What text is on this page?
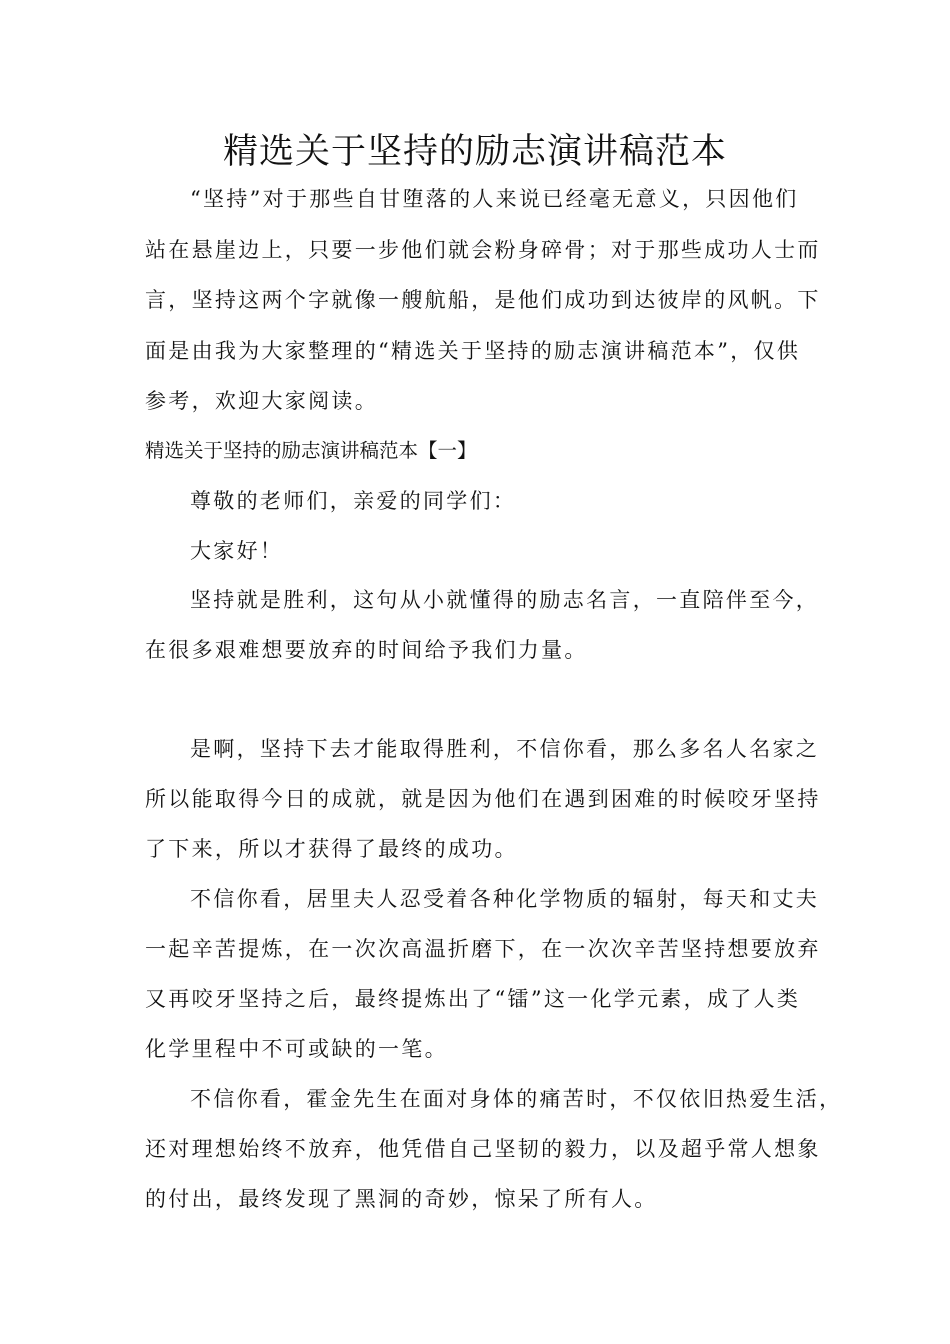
精选关于坚持的励志演讲稿范本
“坚持”对于那些自甘堕落的人来说已经毫无意义，只因他们
站在悬崖边上，只要一步他们就会粉身碎骨；对于那些成功人士而
言，坚持这两个字就像一艘航船，是他们成功到达彼岸的风帆。下
面是由我为大家整理的“精选关于坚持的励志演讲稿范本”，仅供
参考，欢迎大家阅读。
精选关于坚持的励志演讲稿范本【一】
尊敬的老师们，亲爱的同学们：
大家好！
坚持就是胜利，这句从小就懂得的励志名言，一直陪伴至今，
在很多艰难想要放弃的时间给予我们力量。
是啊，坚持下去才能取得胜利，不信你看，那么多名人名家之
所以能取得今日的成就，就是因为他们在遇到困难的时候咬牙坚持
了下来，所以才获得了最终的成功。
不信你看，居里夫人忍受着各种化学物质的辐射，每天和丈夫
一起辛苦提炼，在一次次高温折磨下，在一次次辛苦坚持想要放弃
又再咬牙坚持之后，最终提炼出了“镭”这一化学元素，成了人类
化学里程中不可或缺的一笔。
不信你看，霍金先生在面对身体的痛苦时，不仅依旧热爱生活，
还对理想始终不放弃，他凭借自己坚韧的毅力，以及超乎常人想象
的付出，最终发现了黑洞的奇妙，惊呆了所有人。
